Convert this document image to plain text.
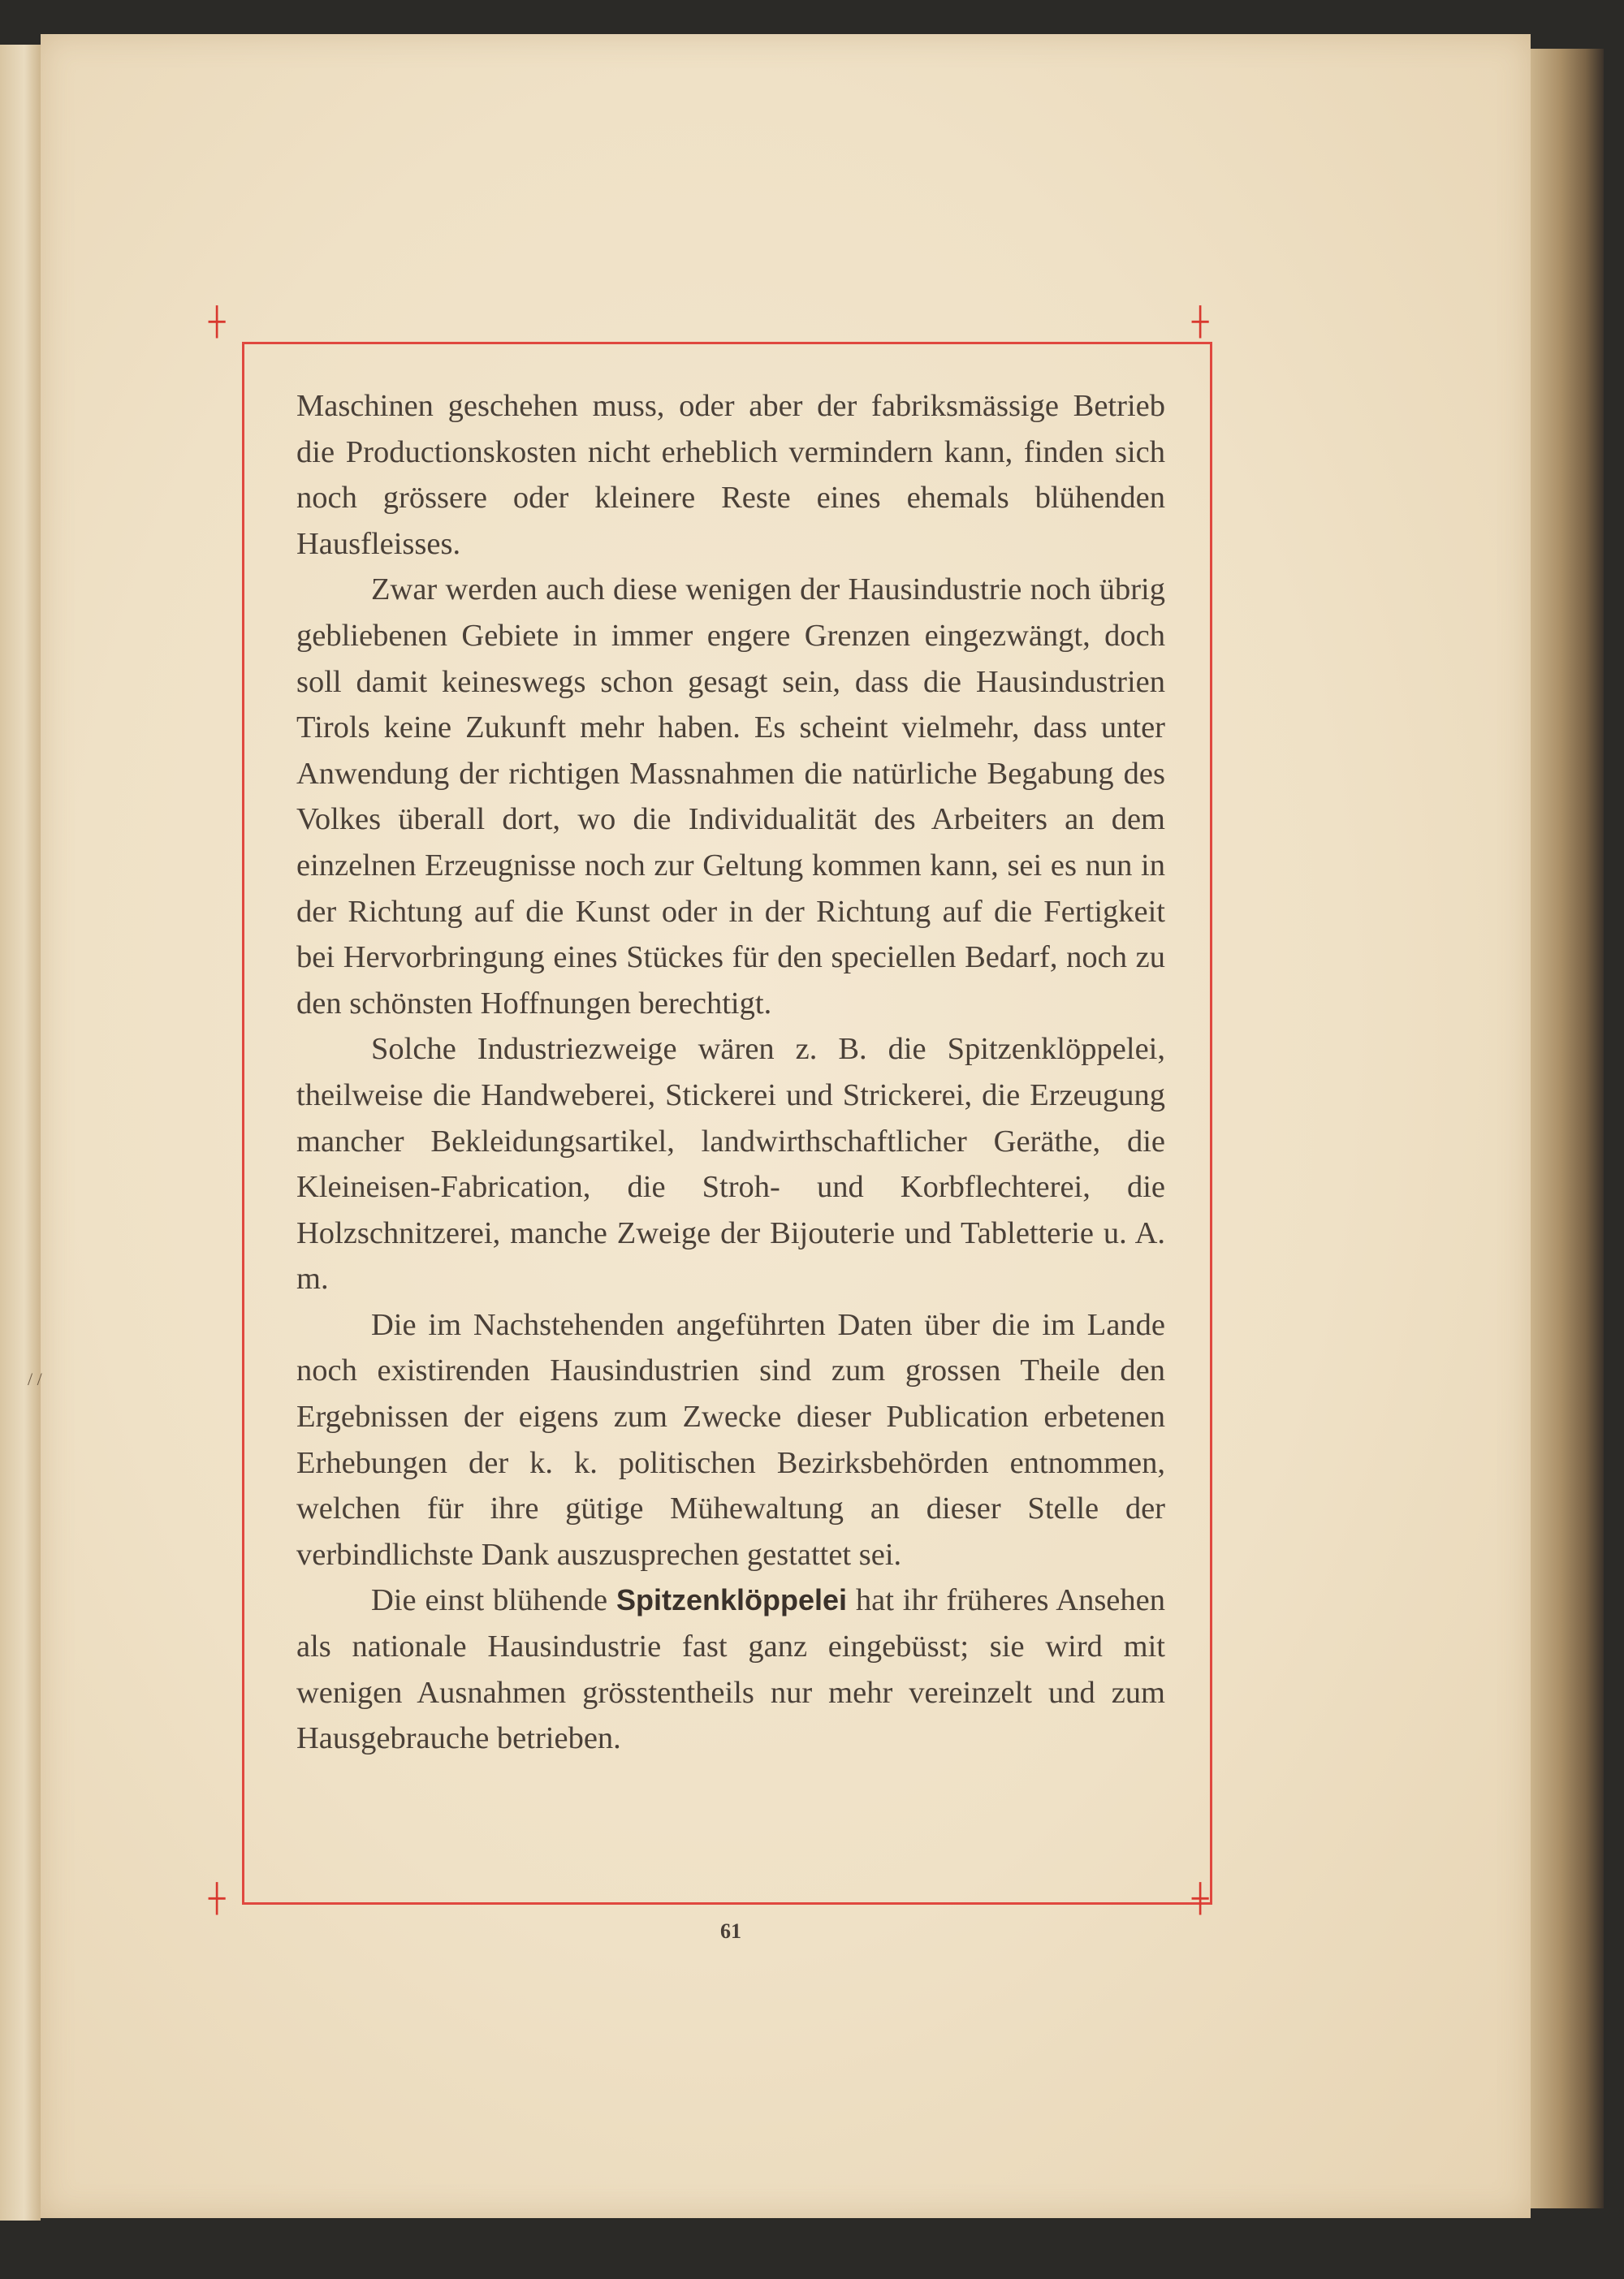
┼	┼
┼	┼
/ /

Maschinen geschehen muss, oder aber der fabriksmässige Betrieb die Productionskosten nicht erheblich vermindern kann, finden sich noch grössere oder kleinere Reste eines ehemals blühenden Hausfleisses.

Zwar werden auch diese wenigen der Hausindustrie noch übrig gebliebenen Gebiete in immer engere Grenzen eingezwängt, doch soll damit keineswegs schon gesagt sein, dass die Hausindustrien Tirols keine Zukunft mehr haben. Es scheint vielmehr, dass unter Anwendung der richtigen Massnahmen die natürliche Begabung des Volkes überall dort, wo die Individualität des Arbeiters an dem einzelnen Erzeugnisse noch zur Geltung kommen kann, sei es nun in der Richtung auf die Kunst oder in der Richtung auf die Fertigkeit bei Hervorbringung eines Stückes für den speciellen Bedarf, noch zu den schönsten Hoffnungen berechtigt.

Solche Industriezweige wären z. B. die Spitzenklöppelei, theilweise die Handweberei, Stickerei und Strickerei, die Erzeugung mancher Bekleidungsartikel, landwirthschaftlicher Geräthe, die Kleineisen-Fabrication, die Stroh- und Korbflechterei, die Holzschnitzerei, manche Zweige der Bijouterie und Tabletterie u. A. m.

Die im Nachstehenden angeführten Daten über die im Lande noch existirenden Hausindustrien sind zum grossen Theile den Ergebnissen der eigens zum Zwecke dieser Publication erbetenen Erhebungen der k. k. politischen Bezirksbehörden entnommen, welchen für ihre gütige Mühewaltung an dieser Stelle der verbindlichste Dank auszusprechen gestattet sei.

Die einst blühende Spitzenklöppelei hat ihr früheres Ansehen als nationale Hausindustrie fast ganz eingebüsst; sie wird mit wenigen Ausnahmen grösstentheils nur mehr vereinzelt und zum Hausgebrauche betrieben.

61
